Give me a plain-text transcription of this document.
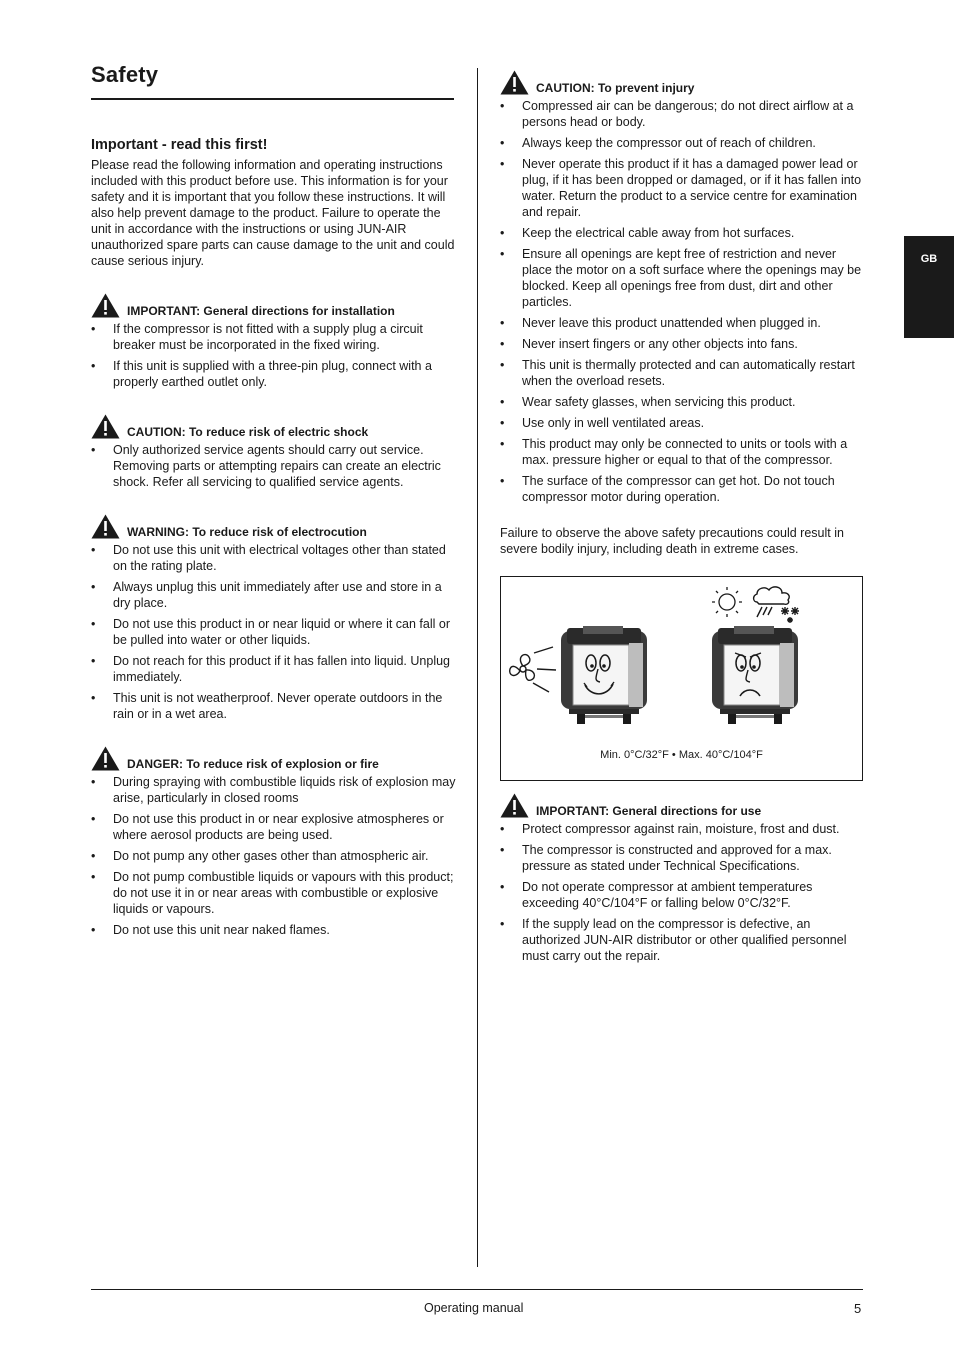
Safety
GB
Important - read this first!

Please read the following information and operating instructions included with this product before use. This information is for your safety and it is important that you follow these instructions. It will also help prevent damage to the product. Failure to operate the unit in accordance with the instructions or using JUN-AIR unauthorized spare parts can cause damage to the unit and could cause serious injury.

IMPORTANT: General directions for installation
• If the compressor is not fitted with a supply plug a circuit breaker must be incorporated in the fixed wiring.
• If this unit is supplied with a three-pin plug, connect with a properly earthed outlet only.
CAUTION: To reduce risk of electric shock
• Only authorized service agents should carry out service. Removing parts or attempting repairs can create an electric shock. Refer all servicing to qualified service agents.
WARNING: To reduce risk of electrocution
• Do not use this unit with electrical voltages other than stated on the rating plate.
• Always unplug this unit immediately after use and store in a dry place.
• Do not use this product in or near liquid or where it can fall or be pulled into water or other liquids.
• Do not reach for this product if it has fallen into liquid. Unplug immediately.
• This unit is not weatherproof. Never operate outdoors in the rain or in a wet area.
DANGER: To reduce risk of explosion or fire
• During spraying with combustible liquids risk of explosion may arise, particularly in closed rooms
• Do not use this product in or near explosive atmospheres or where aerosol products are being used.
• Do not pump any other gases other than atmospheric air.
• Do not pump combustible liquids or vapours with this product; do not use it in or near areas with combustible or explosive liquids or vapours.
• Do not use this unit near naked flames.
CAUTION: To prevent injury
• Compressed air can be dangerous; do not direct airflow at a persons head or body.
• Always keep the compressor out of reach of children.
• Never operate this product if it has a damaged power lead or plug, if it has been dropped or damaged, or if it has fallen into water. Return the product to a service centre for examination and repair.
• Keep the electrical cable away from hot surfaces.
• Ensure all openings are kept free of restriction and never place the motor on a soft surface where the openings may be blocked. Keep all openings free from dust, dirt and other particles.
• Never leave this product unattended when plugged in.
• Never insert fingers or any other objects into fans.
• This unit is thermally protected and can automatically restart when the overload resets.
• Wear safety glasses, when servicing this product.
• Use only in well ventilated areas.
• This product may only be connected to units or tools with a max. pressure higher or equal to that of the compressor.
• The surface of the compressor can get hot. Do not touch compressor motor during operation.

Failure to observe the above safety precautions could result in severe bodily injury, including death in extreme cases.

Min. 0°C/32°F • Max. 40°C/104°F
IMPORTANT: General directions for use
• Protect compressor against rain, moisture, frost and dust.
• The compressor is constructed and approved for a max. pressure as stated under Technical Specifications.
• Do not operate compressor at ambient temperatures exceeding 40°C/104°F or falling below 0°C/32°F.
• If the supply lead on the compressor is defective, an authorized JUN-AIR distributor or other qualified personnel must carry out the repair.
Operating manual	5
